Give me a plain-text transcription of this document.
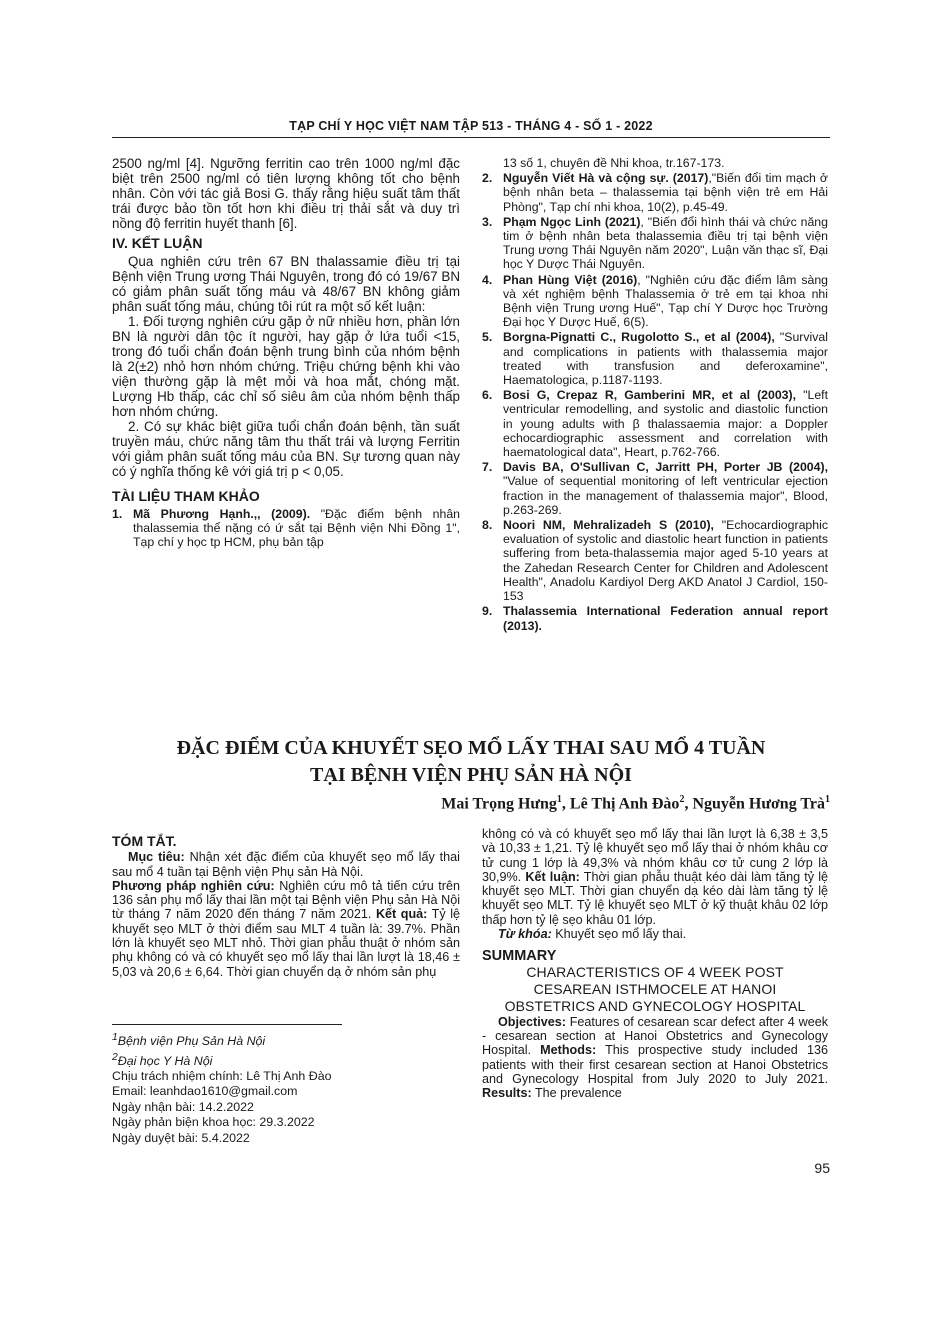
TẠP CHÍ Y HỌC VIỆT NAM TẬP 513 - THÁNG 4 - SỐ 1 - 2022

2500 ng/ml [4]. Ngưỡng ferritin cao trên 1000 ng/ml đặc biệt trên 2500 ng/ml có tiên lượng không tốt cho bệnh nhân. Còn với tác giả Bosi G. thấy rằng hiệu suất tâm thất trái được bảo tồn tốt hơn khi điều trị thải sắt và duy trì nồng độ ferritin huyết thanh [6].

IV. KẾT LUẬN

Qua nghiên cứu trên 67 BN thalassamie điều trị tại Bệnh viện Trung ương Thái Nguyên, trong đó có 19/67 BN có giảm phân suất tống máu và 48/67 BN không giảm phân suất tống máu, chúng tôi rút ra một số kết luận:

1. Đối tượng nghiên cứu gặp ở nữ nhiều hơn, phần lớn BN là người dân tộc ít người, hay gặp ở lứa tuổi <15, trong đó tuổi chẩn đoán bệnh trung bình của nhóm bệnh là 2(±2) nhỏ hơn nhóm chứng. Triệu chứng bệnh khi vào viện thường gặp là mệt mỏi và hoa mắt, chóng mặt. Lượng Hb thấp, các chỉ số siêu âm của nhóm bệnh thấp hơn nhóm chứng.

2. Có sự khác biệt giữa tuổi chẩn đoán bệnh, tần suất truyền máu, chức năng tâm thu thất trái và lượng Ferritin với giảm phân suất tống máu của BN. Sự tương quan này có ý nghĩa thống kê với giá trị p < 0,05.

TÀI LIỆU THAM KHẢO

1. Mã Phương Hạnh.,, (2009). "Đặc điểm bệnh nhân thalassemia thể nặng có ứ sắt tại Bệnh viện Nhi Đồng 1", Tạp chí y học tp HCM, phụ bản tập

13 số 1, chuyên đề Nhi khoa, tr.167-173.

2. Nguyễn Viết Hà và cộng sự. (2017),"Biến đổi tim mạch ở bệnh nhân beta – thalassemia tại bệnh viện trẻ em Hải Phòng", Tạp chí nhi khoa, 10(2), p.45-49.

3. Phạm Ngọc Linh (2021), "Biến đổi hình thái và chức năng tim ở bệnh nhân beta thalassemia điều trị tại bệnh viện Trung ương Thái Nguyên năm 2020", Luận văn thạc sĩ, Đại học Y Dược Thái Nguyên.

4. Phan Hùng Việt (2016), "Nghiên cứu đặc điểm lâm sàng và xét nghiệm bệnh Thalassemia ở trẻ em tại khoa nhi Bệnh viện Trung ương Huế", Tạp chí Y Dược học Trường Đại học Y Dược Huế, 6(5).

5. Borgna-Pignatti C., Rugolotto S., et al (2004), "Survival and complications in patients with thalassemia major treated with transfusion and deferoxamine", Haematologica, p.1187-1193.

6. Bosi G, Crepaz R, Gamberini MR, et al (2003), "Left ventricular remodelling, and systolic and diastolic function in young adults with β thalassaemia major: a Doppler echocardiographic assessment and correlation with haematological data", Heart, p.762-766.

7. Davis BA, O'Sullivan C, Jarritt PH, Porter JB (2004), "Value of sequential monitoring of left ventricular ejection fraction in the management of thalassemia major", Blood, p.263-269.

8. Noori NM, Mehralizadeh S (2010), "Echocardiographic evaluation of systolic and diastolic heart function in patients suffering from beta-thalassemia major aged 5-10 years at the Zahedan Research Center for Children and Adolescent Health", Anadolu Kardiyol Derg AKD Anatol J Cardiol, 150-153

9. Thalassemia International Federation annual report (2013).

ĐẶC ĐIỂM CỦA KHUYẾT SẸO MỔ LẤY THAI SAU MỔ 4 TUẦN
TẠI BỆNH VIỆN PHỤ SẢN HÀ NỘI
Mai Trọng Hưng$^1$, Lê Thị Anh Đào$^2$, Nguyễn Hương Trà$^1$

TÓM TẮT.

Mục tiêu: Nhận xét đặc điểm của khuyết sẹo mổ lấy thai sau mổ 4 tuần tại Bệnh viện Phụ sản Hà Nội.

Phương pháp nghiên cứu: Nghiên cứu mô tả tiến cứu trên 136 sản phụ mổ lấy thai lần một tại Bệnh viện Phụ sản Hà Nội từ tháng 7 năm 2020 đến tháng 7 năm 2021. Kết quả: Tỷ lệ khuyết sẹo MLT ở thời điểm sau MLT 4 tuần là: 39.7%. Phần lớn là khuyết sẹo MLT nhỏ. Thời gian phẫu thuật ở nhóm sản phụ không có và có khuyết sẹo mổ lấy thai lần lượt là 18,46 ± 5,03 và 20,6 ± 6,64. Thời gian chuyển dạ ở nhóm sản phụ

$^1$Bệnh viện Phụ Sản Hà Nội

$^2$Đại học Y Hà Nội

Chịu trách nhiệm chính: Lê Thị Anh Đào

Email: leanhdao1610@gmail.com

Ngày nhận bài: 14.2.2022

Ngày phản biện khoa học: 29.3.2022

Ngày duyệt bài: 5.4.2022

không có và có khuyết sẹo mổ lấy thai lần lượt là 6,38 ± 3,5 và 10,33 ± 1,21. Tỷ lệ khuyết sẹo mổ lấy thai ở nhóm khâu cơ tử cung 1 lớp là 49,3% và nhóm khâu cơ tử cung 2 lớp là 30,9%. Kết luận: Thời gian phẫu thuật kéo dài làm tăng tỷ lệ khuyết sẹo MLT. Thời gian chuyển dạ kéo dài làm tăng tỷ lệ khuyết sẹo MLT. Tỷ lệ khuyết sẹo MLT ở kỹ thuật khâu 02 lớp thấp hơn tỷ lệ sẹo khâu 01 lớp.

Từ khóa: Khuyết sẹo mổ lấy thai.

SUMMARY

CHARACTERISTICS OF 4 WEEK POST
CESAREAN ISTHMOCELE AT HANOI
OBSTETRICS AND GYNECOLOGY HOSPITAL

Objectives: Features of cesarean scar defect after 4 week - cesarean section at Hanoi Obstetrics and Gynecology Hospital. Methods: This prospective study included 136 patients with their first cesarean section at Hanoi Obstetrics and Gynecology Hospital from July 2020 to July 2021. Results: The prevalence

95
